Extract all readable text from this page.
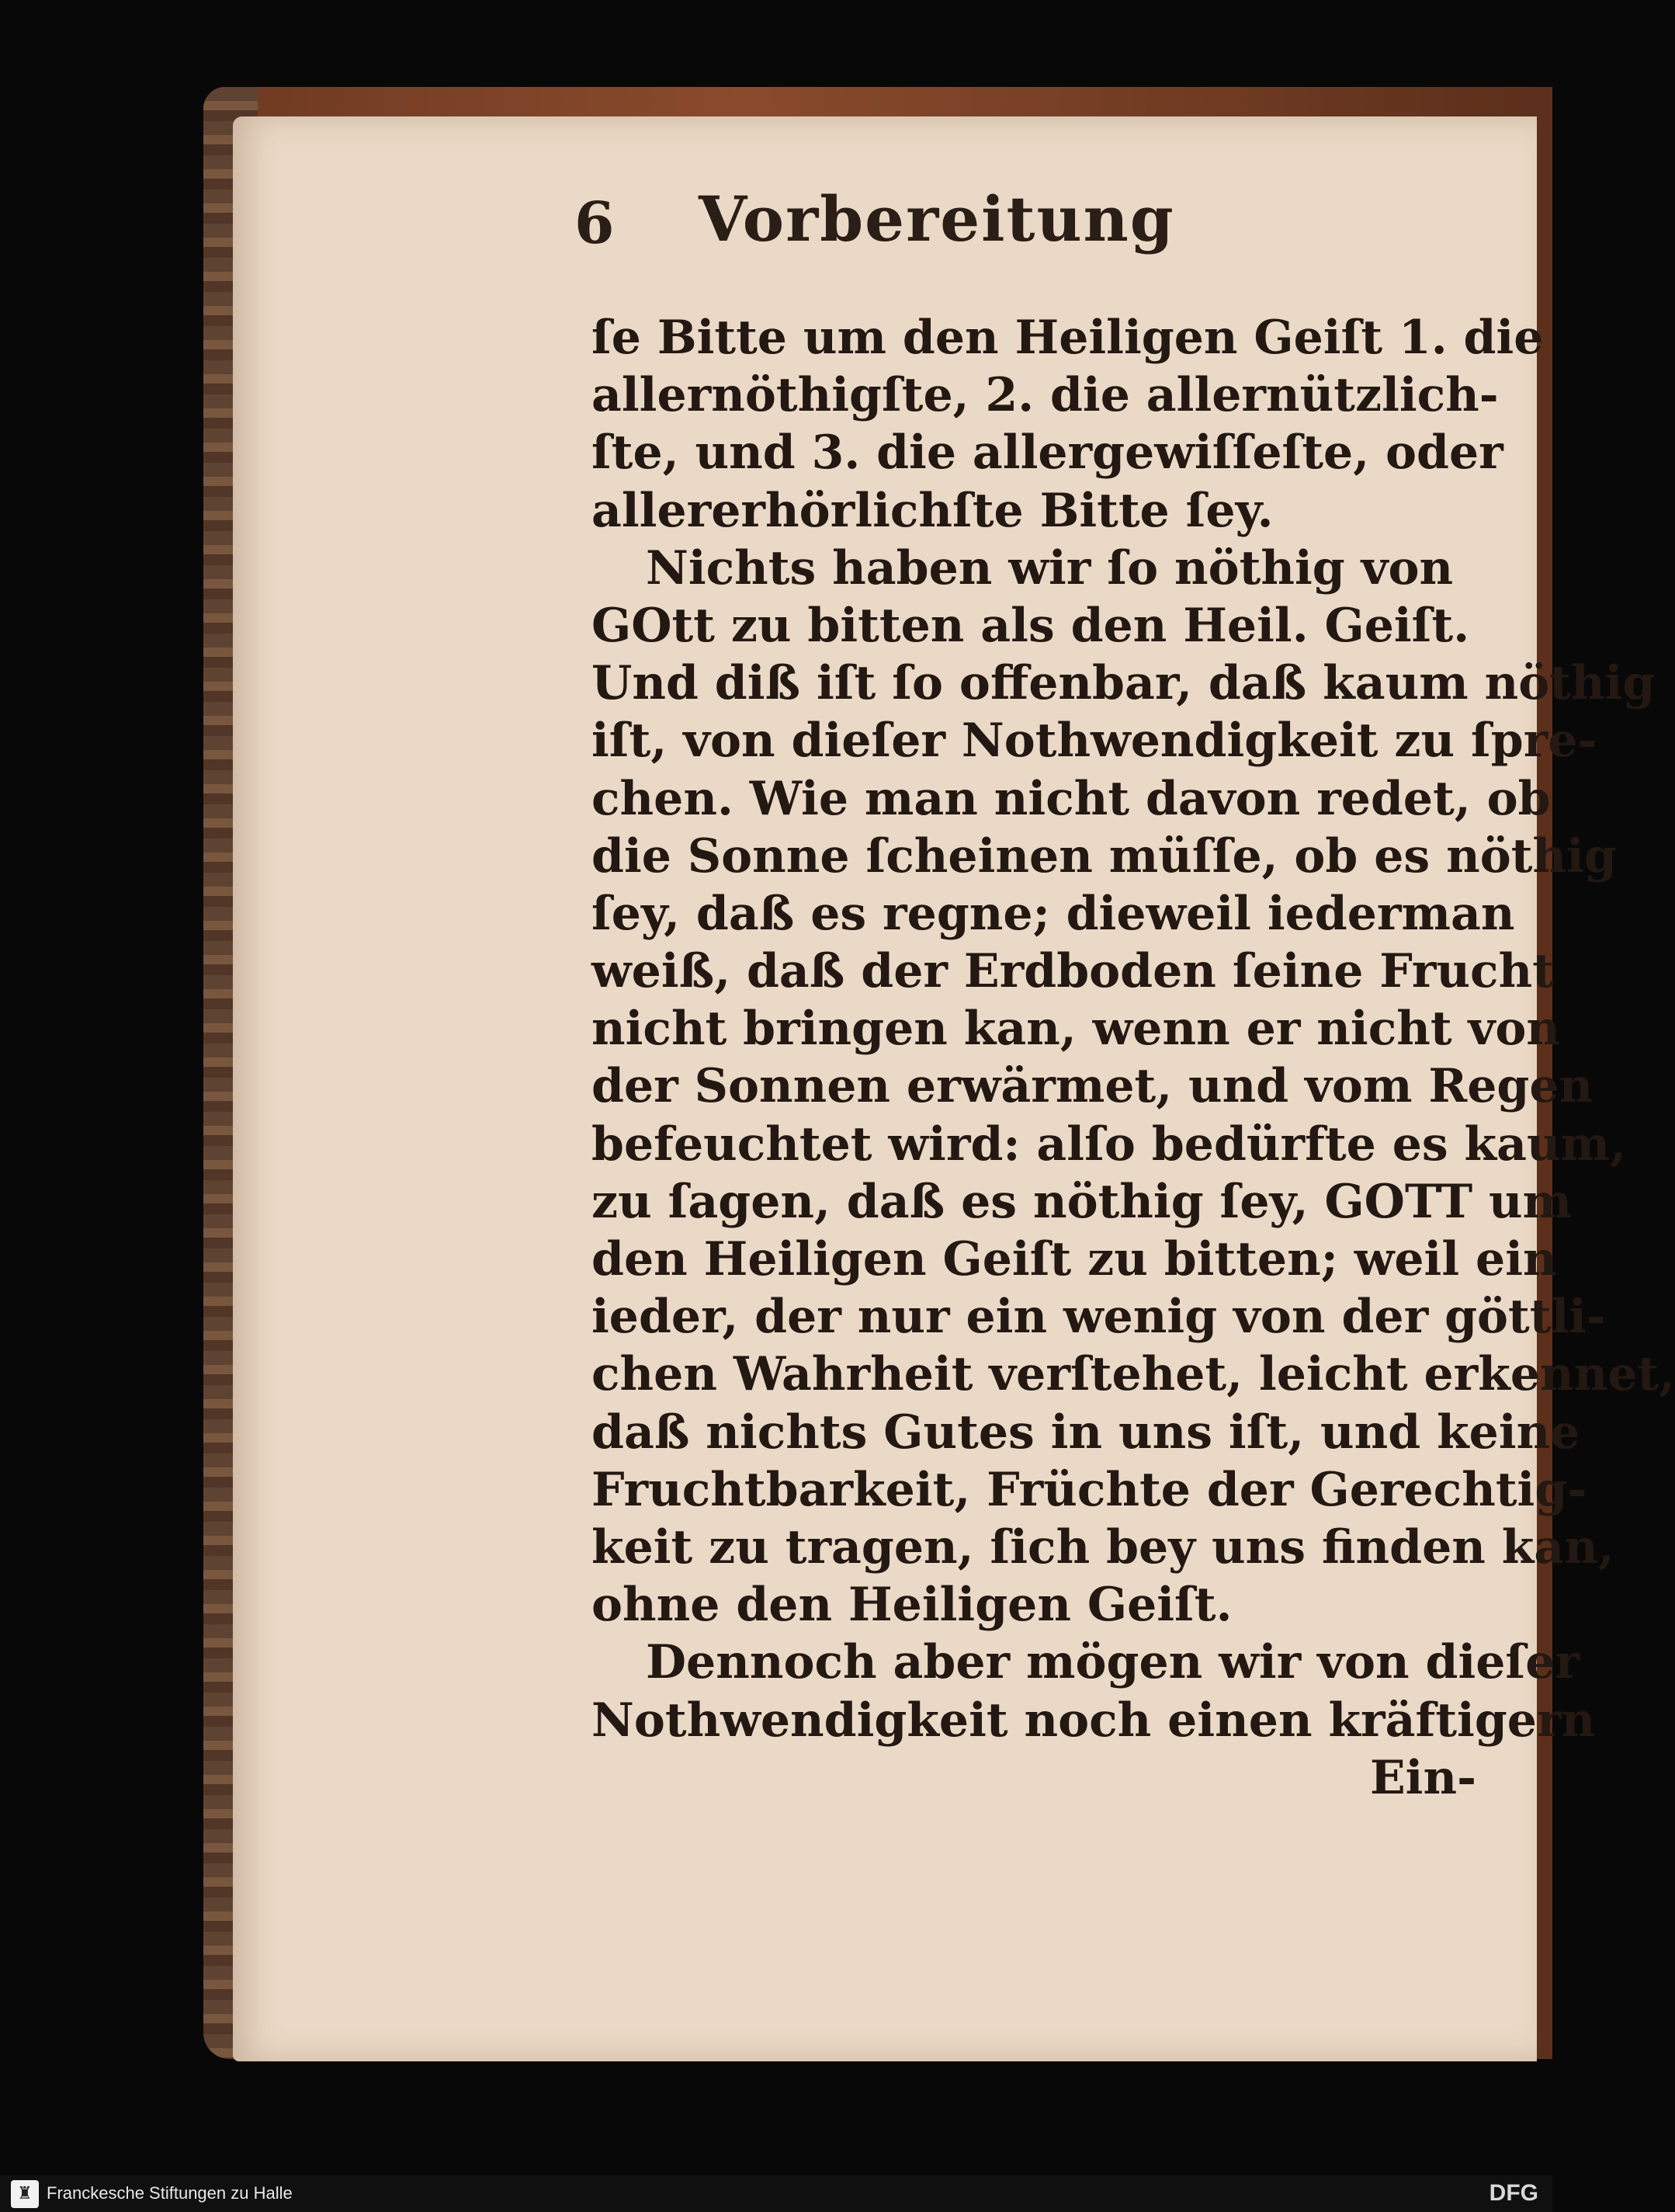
6 Vorbereitung
ſe Bitte um den Heiligen Geiſt 1. die
allernöthigſte, 2. die allernützlich-
ſte, und 3. die allergewiſſeſte, oder
allererhörlichſte Bitte ſey.
Nichts haben wir ſo nöthig von
GOtt zu bitten als den Heil. Geiſt.
Und diß iſt ſo offenbar, daß kaum nöthig
iſt, von dieſer Nothwendigkeit zu ſpre-
chen. Wie man nicht davon redet, ob
die Sonne ſcheinen müſſe, ob es nöthig
ſey, daß es regne; dieweil iederman
weiß, daß der Erdboden ſeine Frucht
nicht bringen kan, wenn er nicht von
der Sonnen erwärmet, und vom Regen
befeuchtet wird: alſo bedürfte es kaum,
zu ſagen, daß es nöthig ſey, GOTT um
den Heiligen Geiſt zu bitten; weil ein
ieder, der nur ein wenig von der göttli-
chen Wahrheit verſtehet, leicht erkennet,
daß nichts Gutes in uns iſt, und keine
Fruchtbarkeit, Früchte der Gerechtig-
keit zu tragen, ſich bey uns finden kan,
ohne den Heiligen Geiſt.
Dennoch aber mögen wir von dieſer
Nothwendigkeit noch einen kräftigern
Ein-
♜ Franckesche Stiftungen zu Halle	DFG
